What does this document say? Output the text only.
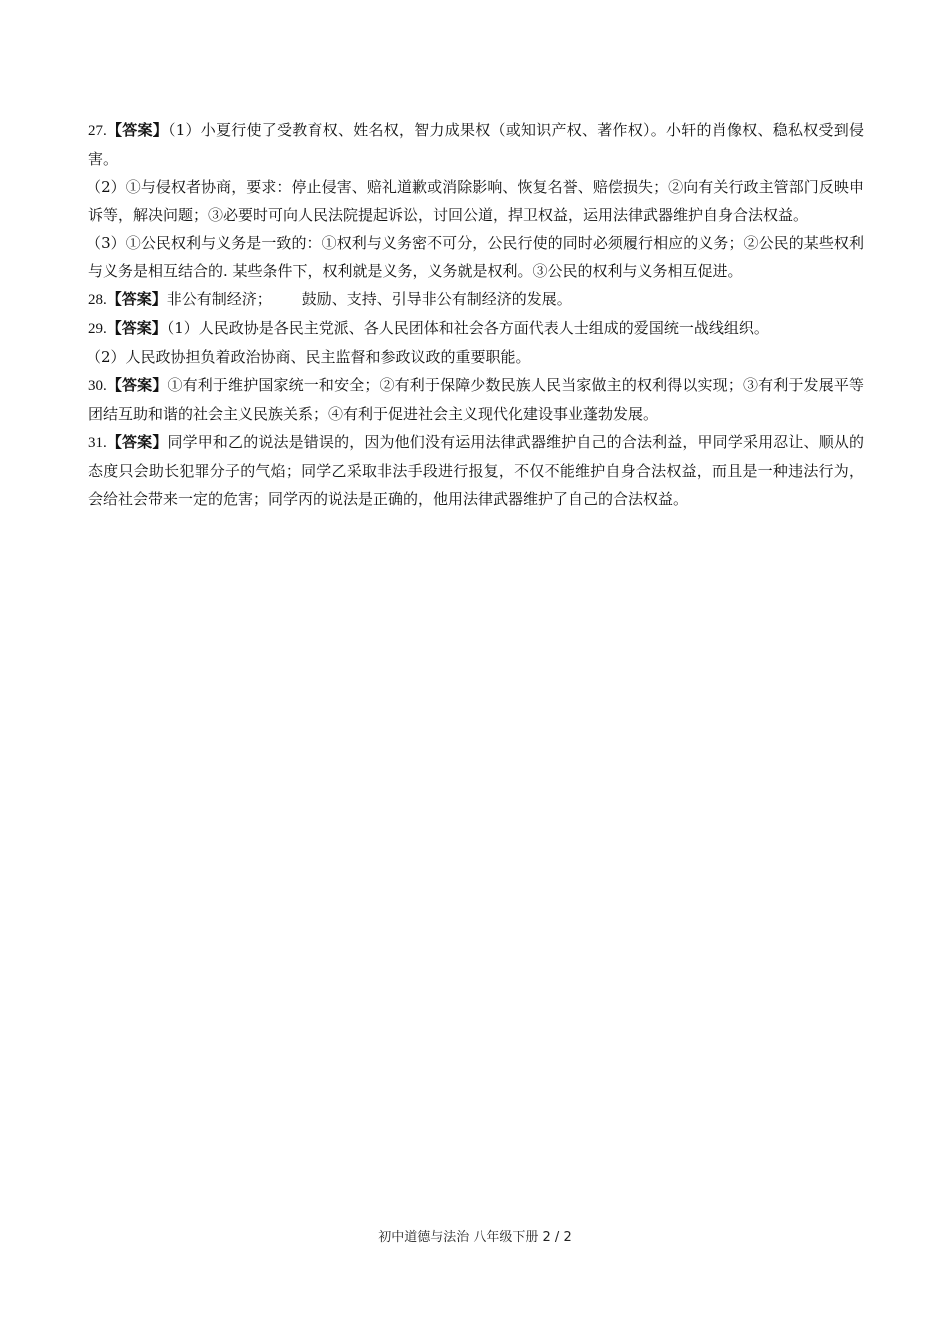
27.【答案】（1）小夏行使了受教育权、姓名权，智力成果权（或知识产权、著作权）。小轩的肖像权、稳私权受到侵害。

（2）①与侵权者协商，要求：停止侵害、赔礼道歉或消除影响、恢复名誉、赔偿损失；②向有关行政主管部门反映申诉等，解决问题；③必要时可向人民法院提起诉讼，讨回公道，捍卫权益，运用法律武器维护自身合法权益。

（3）①公民权利与义务是一致的：①权利与义务密不可分，公民行使的同时必须履行相应的义务；②公民的某些权利与义务是相互结合的. 某些条件下，权利就是义务，义务就是权利。③公民的权利与义务相互促进。

28.【答案】非公有制经济； 鼓励、支持、引导非公有制经济的发展。

29.【答案】（1）人民政协是各民主党派、各人民团体和社会各方面代表人士组成的爱国统一战线组织。

（2）人民政协担负着政治协商、民主监督和参政议政的重要职能。

30.【答案】①有利于维护国家统一和安全；②有利于保障少数民族人民当家做主的权利得以实现；③有利于发展平等团结互助和谐的社会主义民族关系；④有利于促进社会主义现代化建设事业蓬勃发展。

31.【答案】同学甲和乙的说法是错误的，因为他们没有运用法律武器维护自己的合法利益，甲同学采用忍让、顺从的态度只会助长犯罪分子的气焰；同学乙采取非法手段进行报复，不仅不能维护自身合法权益，而且是一种违法行为，会给社会带来一定的危害；同学丙的说法是正确的，他用法律武器维护了自己的合法权益。

初中道德与法治 八年级下册 2 / 2
